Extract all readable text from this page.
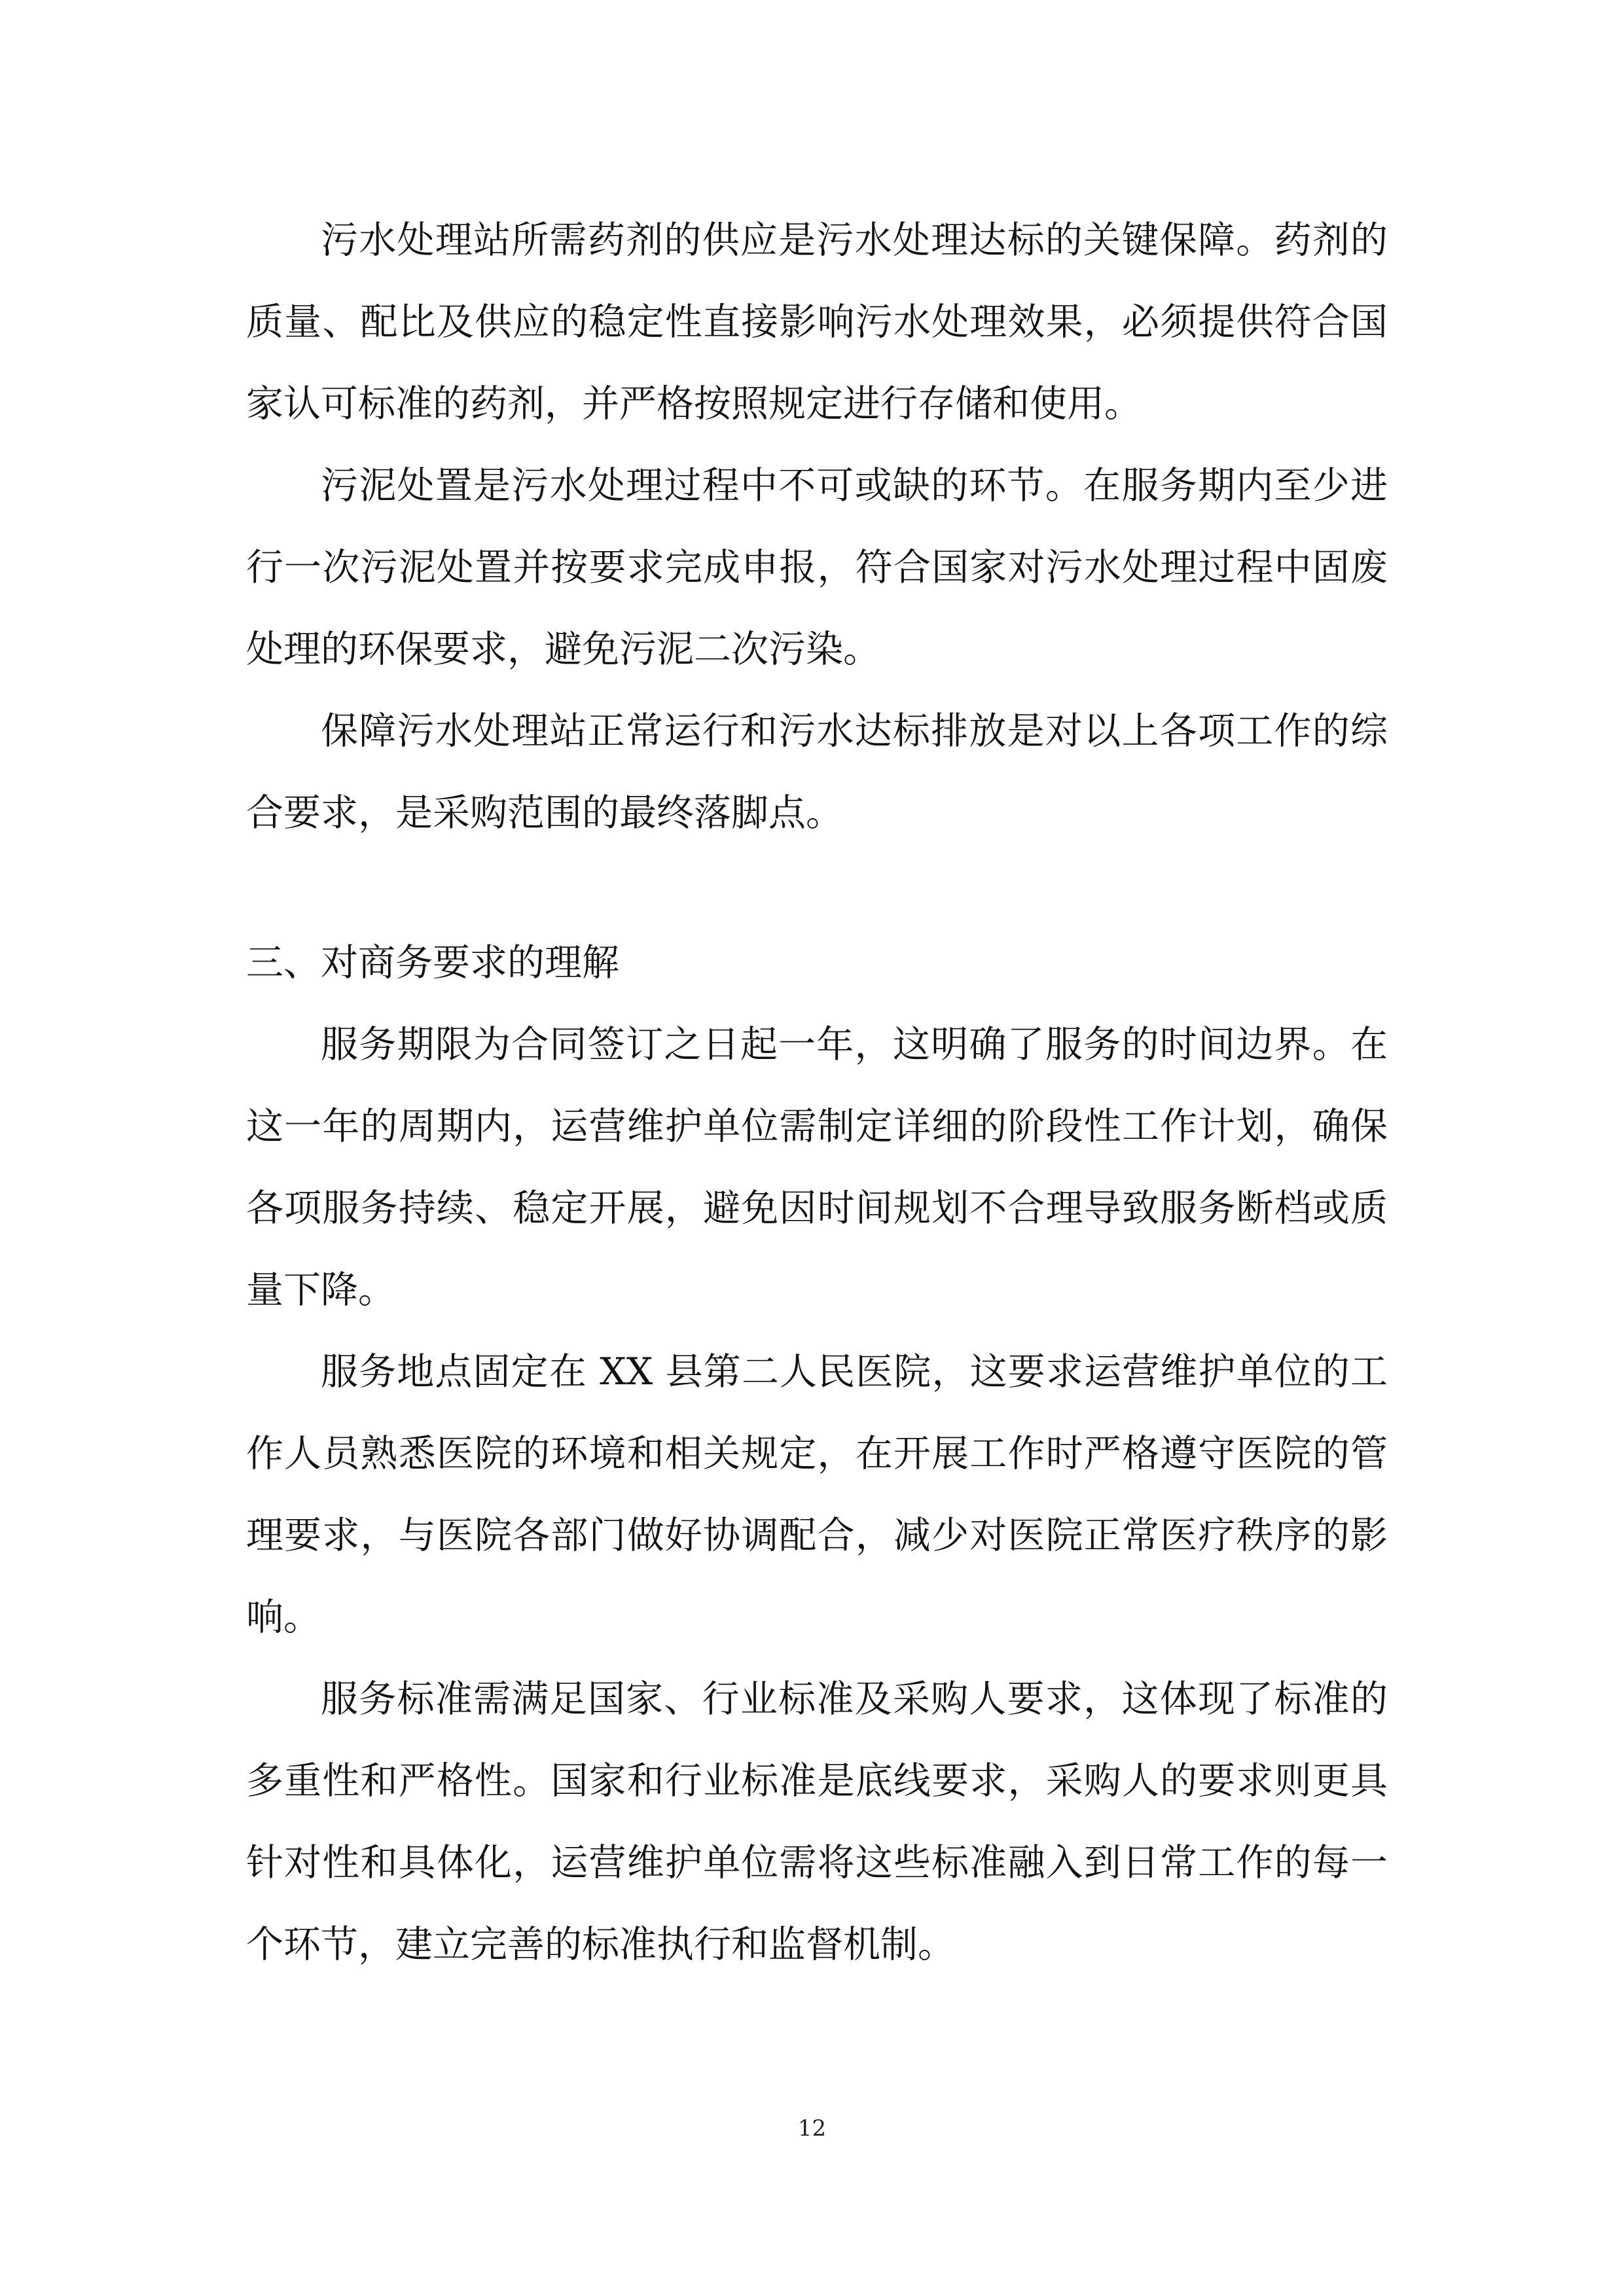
污水处理站所需药剂的供应是污水处理达标的关键保障。药剂的质量、配比及供应的稳定性直接影响污水处理效果，必须提供符合国家认可标准的药剂，并严格按照规定进行存储和使用。

污泥处置是污水处理过程中不可或缺的环节。在服务期内至少进行一次污泥处置并按要求完成申报，符合国家对污水处理过程中固废处理的环保要求，避免污泥二次污染。

保障污水处理站正常运行和污水达标排放是对以上各项工作的综合要求，是采购范围的最终落脚点。

三、对商务要求的理解

服务期限为合同签订之日起一年，这明确了服务的时间边界。在这一年的周期内，运营维护单位需制定详细的阶段性工作计划，确保各项服务持续、稳定开展，避免因时间规划不合理导致服务断档或质量下降。

服务地点固定在 XX 县第二人民医院，这要求运营维护单位的工作人员熟悉医院的环境和相关规定，在开展工作时严格遵守医院的管理要求，与医院各部门做好协调配合，减少对医院正常医疗秩序的影响。

服务标准需满足国家、行业标准及采购人要求，这体现了标准的多重性和严格性。国家和行业标准是底线要求，采购人的要求则更具针对性和具体化，运营维护单位需将这些标准融入到日常工作的每一个环节，建立完善的标准执行和监督机制。

12
